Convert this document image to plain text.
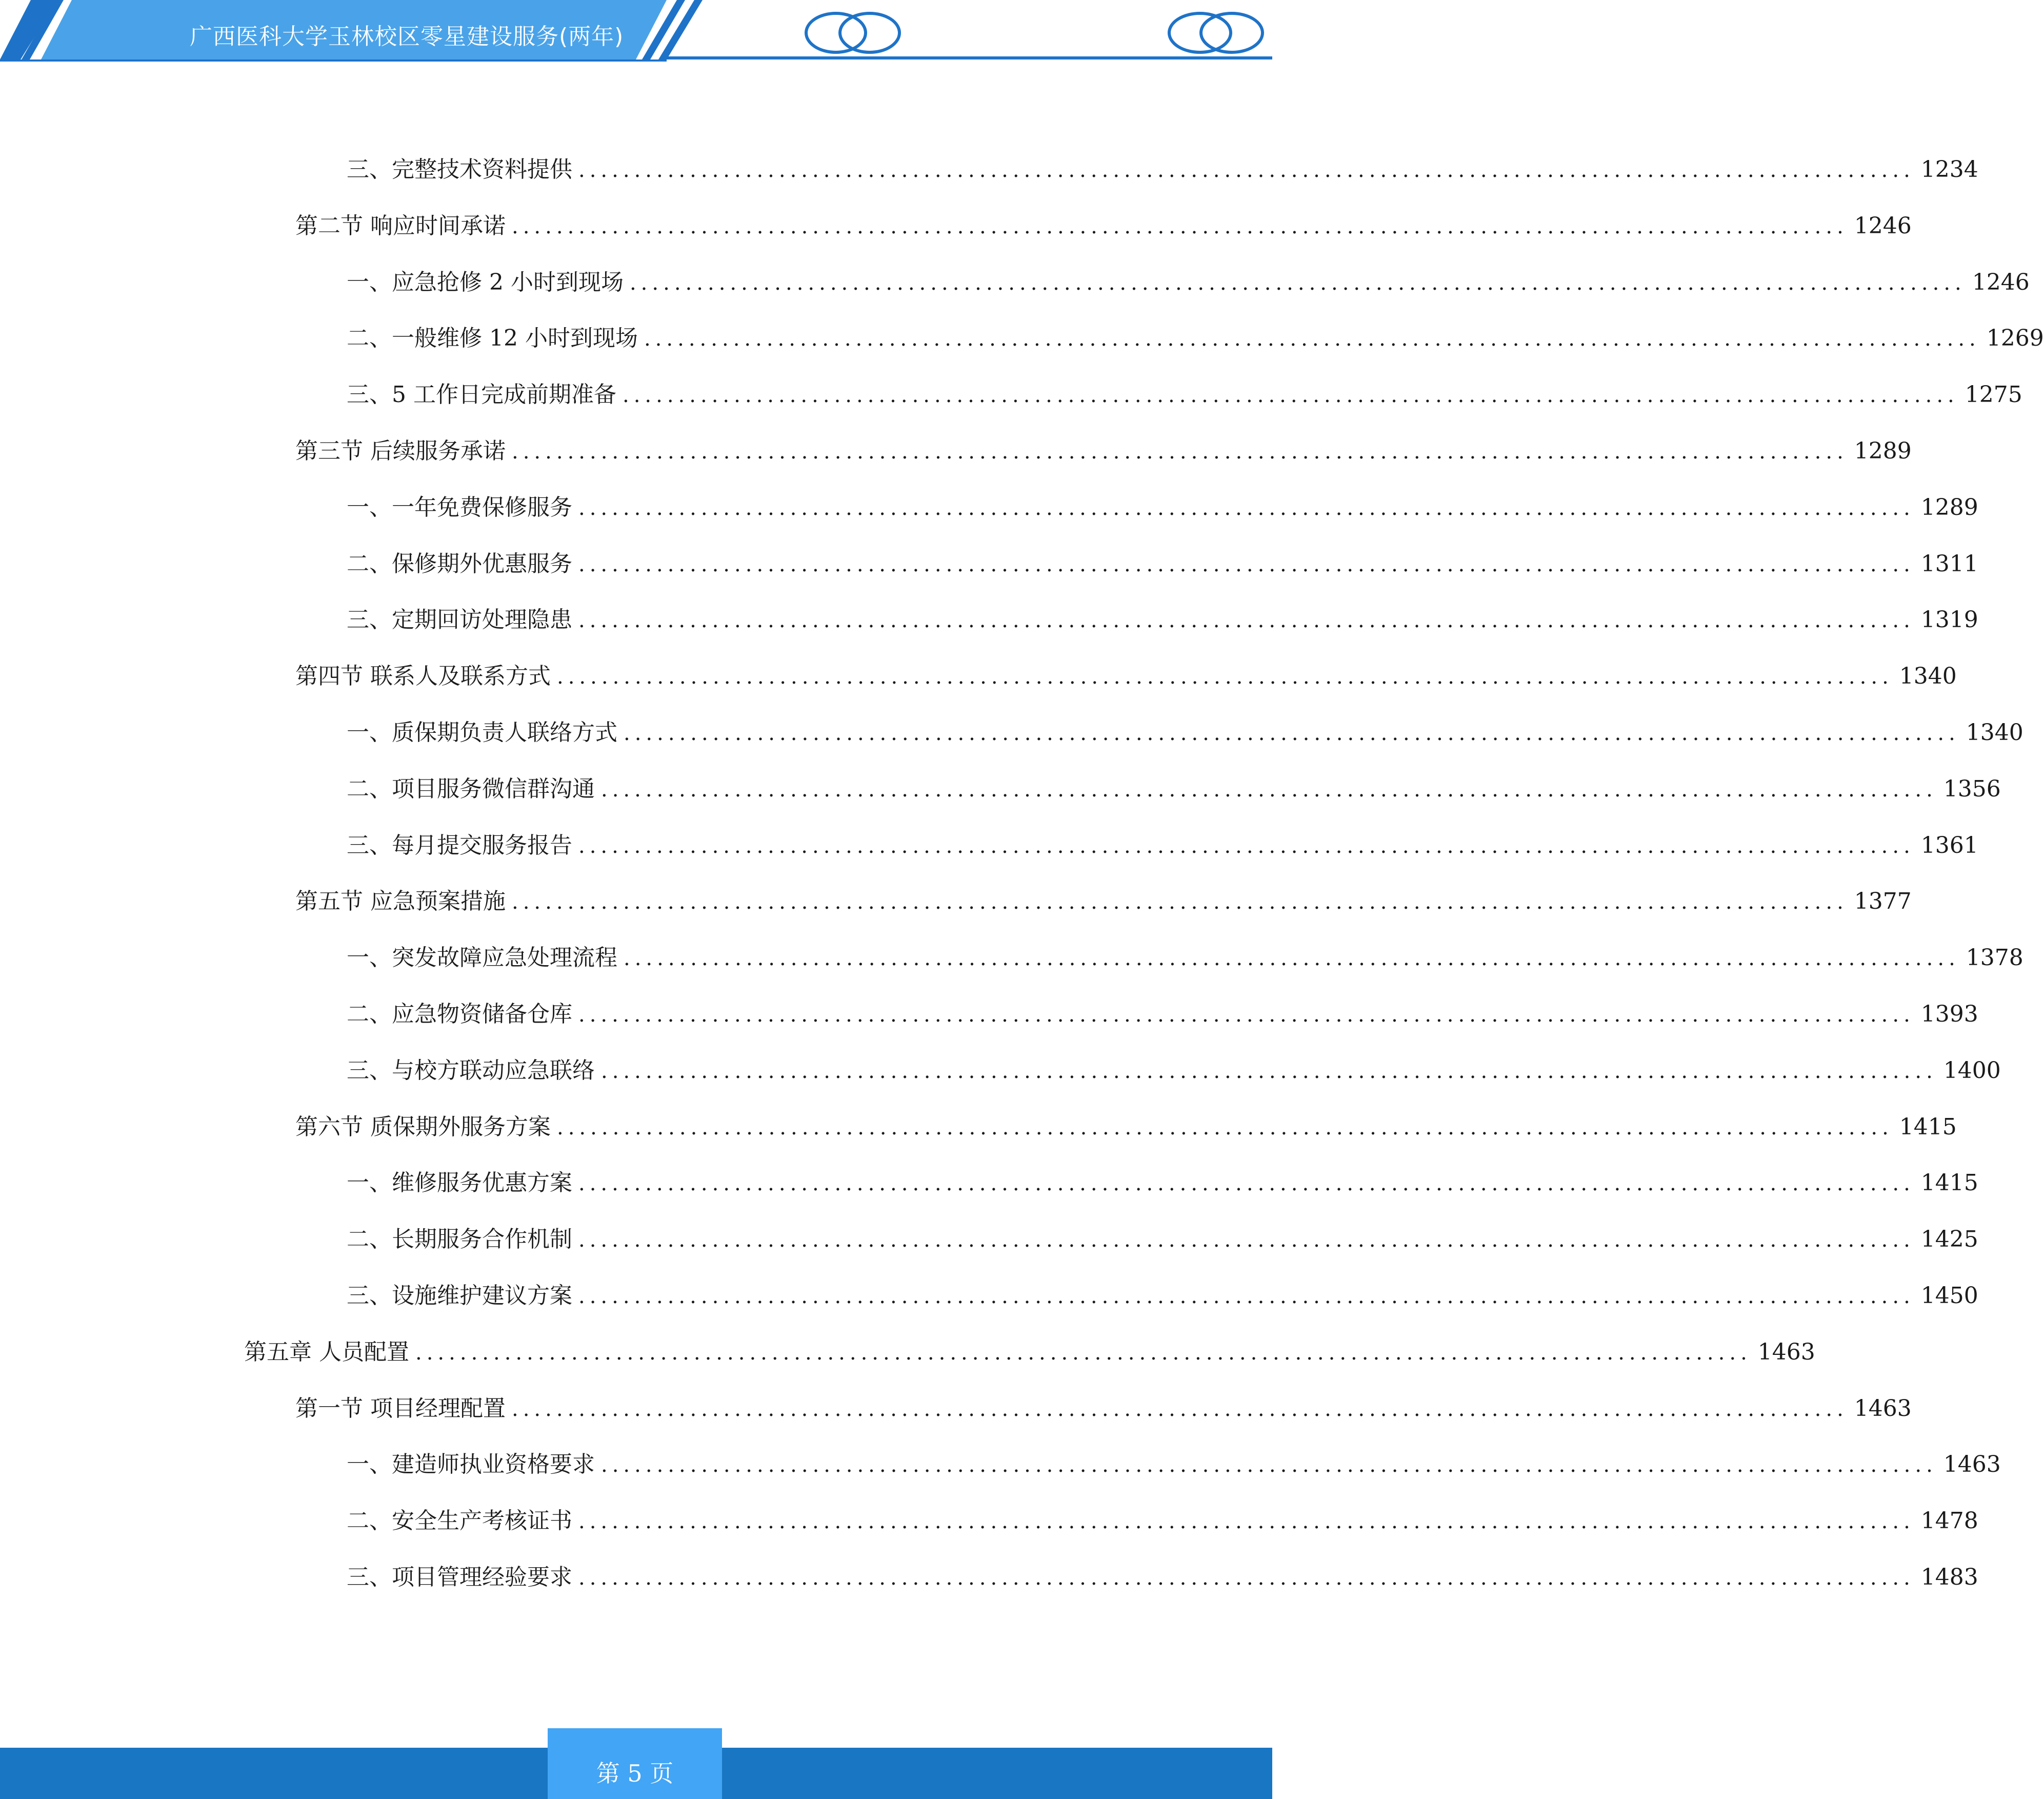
广西医科大学玉林校区零星建设服务(两年)
三、 完整技术资料提供 ........................................................................................................................ 1234
第二节 响应时间承诺 ........................................................................................................................ 1246
一、 应急抢修 2 小时到现场 ........................................................................................................................ 1246
二、 一般维修 12 小时到现场 ........................................................................................................................ 1269
三、 5 工作日完成前期准备 ........................................................................................................................ 1275
第三节 后续服务承诺 ........................................................................................................................ 1289
一、 一年免费保修服务 ........................................................................................................................ 1289
二、 保修期外优惠服务 ........................................................................................................................ 1311
三、 定期回访处理隐患 ........................................................................................................................ 1319
第四节 联系人及联系方式 ........................................................................................................................ 1340
一、 质保期负责人联络方式 ........................................................................................................................ 1340
二、 项目服务微信群沟通 ........................................................................................................................ 1356
三、 每月提交服务报告 ........................................................................................................................ 1361
第五节 应急预案措施 ........................................................................................................................ 1377
一、 突发故障应急处理流程 ........................................................................................................................ 1378
二、 应急物资储备仓库 ........................................................................................................................ 1393
三、 与校方联动应急联络 ........................................................................................................................ 1400
第六节 质保期外服务方案 ........................................................................................................................ 1415
一、 维修服务优惠方案 ........................................................................................................................ 1415
二、 长期服务合作机制 ........................................................................................................................ 1425
三、 设施维护建议方案 ........................................................................................................................ 1450
第五章 人员配置 ........................................................................................................................ 1463
第一节 项目经理配置 ........................................................................................................................ 1463
一、 建造师执业资格要求 ........................................................................................................................ 1463
二、 安全生产考核证书 ........................................................................................................................ 1478
三、 项目管理经验要求 ........................................................................................................................ 1483
第 5 页
